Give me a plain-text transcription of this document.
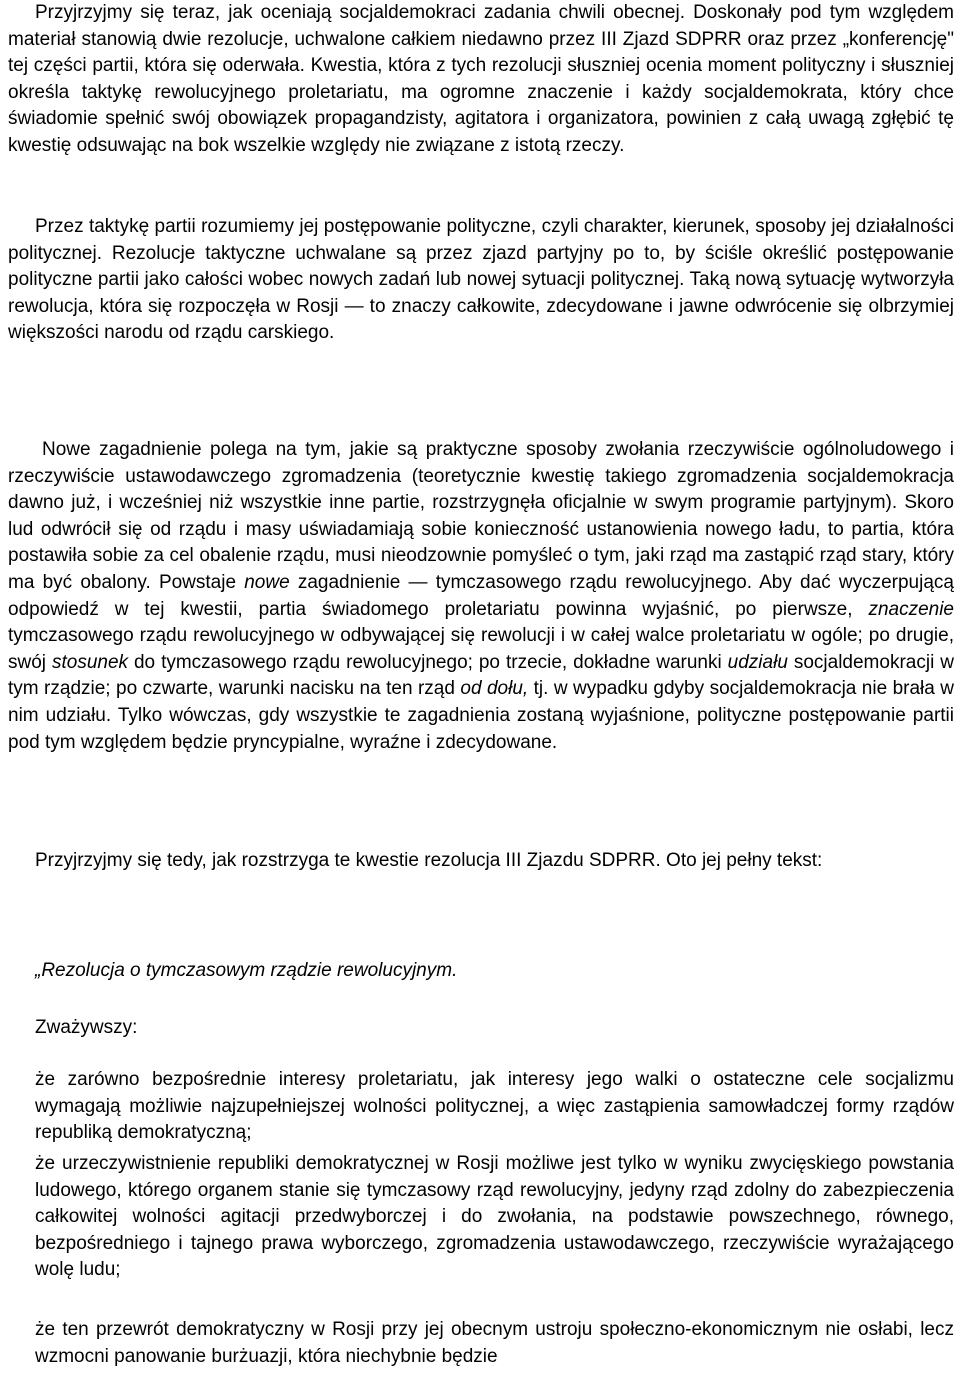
Przyjrzyjmy się teraz, jak oceniają socjaldemokraci zadania chwili obecnej. Doskonały pod tym względem materiał stanowią dwie rezolucje, uchwalone całkiem niedawno przez III Zjazd SDPRR oraz przez „konferencję" tej części partii, która się oderwała. Kwestia, która z tych rezolucji słuszniej ocenia moment polityczny i słuszniej określa taktykę rewolucyjnego proletariatu, ma ogromne znaczenie i każdy socjaldemokrata, który chce świadomie spełnić swój obowiązek propagandzisty, agitatora i organizatora, powinien z całą uwagą zgłębić tę kwestię odsuwając na bok wszelkie względy nie związane z istotą rzeczy.

Przez taktykę partii rozumiemy jej postępowanie polityczne, czyli charakter, kierunek, sposoby jej działalności politycznej. Rezolucje taktyczne uchwalane są przez zjazd partyjny po to, by ściśle określić postępowanie polityczne partii jako całości wobec nowych zadań lub nowej sytuacji politycznej. Taką nową sytuację wytworzyła rewolucja, która się rozpoczęła w Rosji — to znaczy całkowite, zdecydowane i jawne odwrócenie się olbrzymiej większości narodu od rządu carskiego.

Nowe zagadnienie polega na tym, jakie są praktyczne sposoby zwołania rzeczywiście ogólnoludowego i rzeczywiście ustawodawczego zgromadzenia (teoretycznie kwestię takiego zgromadzenia socjaldemokracja dawno już, i wcześniej niż wszystkie inne partie, rozstrzygnęła oficjalnie w swym programie partyjnym). Skoro lud odwrócił się od rządu i masy uświadamiają sobie konieczność ustanowienia nowego ładu, to partia, która postawiła sobie za cel obalenie rządu, musi nieodzownie pomyśleć o tym, jaki rząd ma zastąpić rząd stary, który ma być obalony. Powstaje nowe zagadnienie — tymczasowego rządu rewolucyjnego. Aby dać wyczerpującą odpowiedź w tej kwestii, partia świadomego proletariatu powinna wyjaśnić, po pierwsze, znaczenie tymczasowego rządu rewolucyjnego w odbywającej się rewolucji i w całej walce proletariatu w ogóle; po drugie, swój stosunek do tymczasowego rządu rewolucyjnego; po trzecie, dokładne warunki udziału socjaldemokracji w tym rządzie; po czwarte, warunki nacisku na ten rząd od dołu, tj. w wypadku gdyby socjaldemokracja nie brała w nim udziału. Tylko wówczas, gdy wszystkie te zagadnienia zostaną wyjaśnione, polityczne postępowanie partii pod tym względem będzie pryncypialne, wyraźne i zdecydowane.

Przyjrzyjmy się tedy, jak rozstrzyga te kwestie rezolucja III Zjazdu SDPRR. Oto jej pełny tekst:

„Rezolucja o tymczasowym rządzie rewolucyjnym.

Zważywszy:

że zarówno bezpośrednie interesy proletariatu, jak interesy jego walki o ostateczne cele socjalizmu wymagają możliwie najzupełniejszej wolności politycznej, a więc zastąpienia samowładczej formy rządów republiką demokratyczną;

że urzeczywistnienie republiki demokratycznej w Rosji możliwe jest tylko w wyniku zwycięskiego powstania ludowego, którego organem stanie się tymczasowy rząd rewolucyjny, jedyny rząd zdolny do zabezpieczenia całkowitej wolności agitacji przedwyborczej i do zwołania, na podstawie powszechnego, równego, bezpośredniego i tajnego prawa wyborczego, zgromadzenia ustawodawczego, rzeczywiście wyrażającego wolę ludu;

że ten przewrót demokratyczny w Rosji przy jej obecnym ustroju społeczno-ekonomicznym nie osłabi, lecz wzmocni panowanie burżuazji, która niechybnie będzie
